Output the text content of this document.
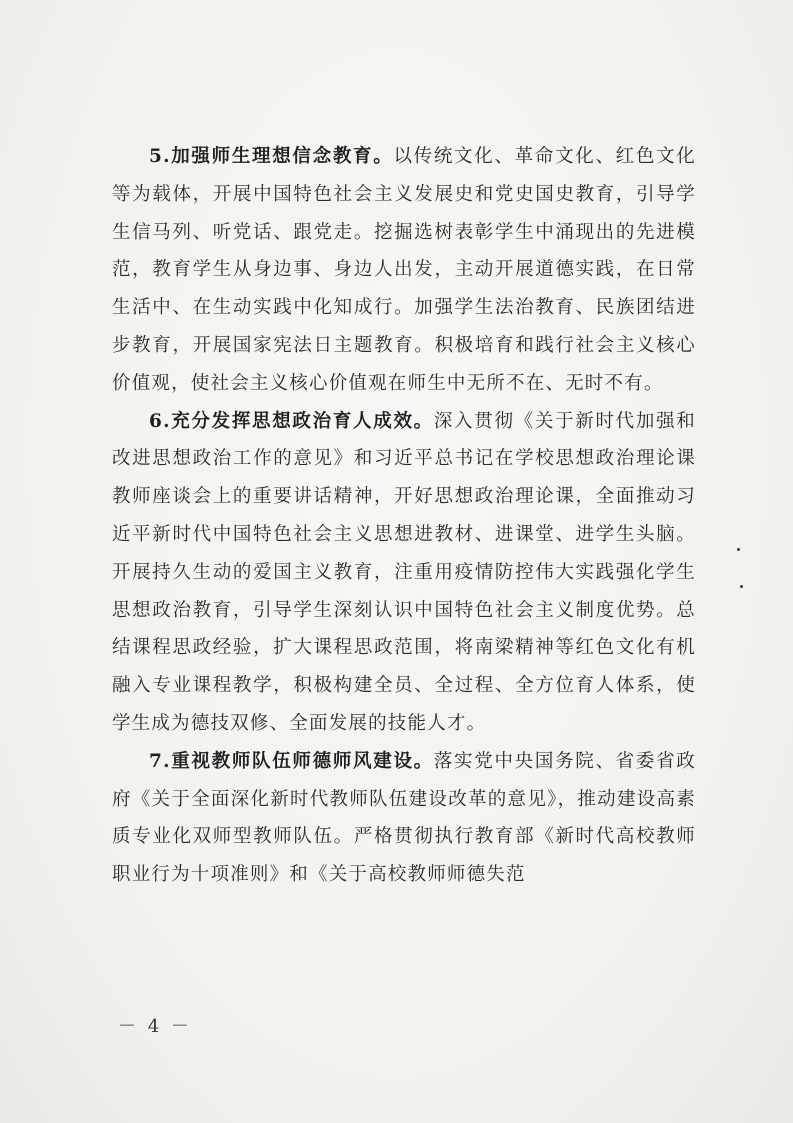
5.加强师生理想信念教育。以传统文化、革命文化、红色文化等为载体，开展中国特色社会主义发展史和党史国史教育，引导学生信马列、听党话、跟党走。挖掘选树表彰学生中涌现出的先进模范，教育学生从身边事、身边人出发，主动开展道德实践，在日常生活中、在生动实践中化知成行。加强学生法治教育、民族团结进步教育，开展国家宪法日主题教育。积极培育和践行社会主义核心价值观，使社会主义核心价值观在师生中无所不在、无时不有。

6.充分发挥思想政治育人成效。深入贯彻《关于新时代加强和改进思想政治工作的意见》和习近平总书记在学校思想政治理论课教师座谈会上的重要讲话精神，开好思想政治理论课，全面推动习近平新时代中国特色社会主义思想进教材、进课堂、进学生头脑。开展持久生动的爱国主义教育，注重用疫情防控伟大实践强化学生思想政治教育，引导学生深刻认识中国特色社会主义制度优势。总结课程思政经验，扩大课程思政范围，将南梁精神等红色文化有机融入专业课程教学，积极构建全员、全过程、全方位育人体系，使学生成为德技双修、全面发展的技能人才。

7.重视教师队伍师德师风建设。落实党中央国务院、省委省政府《关于全面深化新时代教师队伍建设改革的意见》，推动建设高素质专业化双师型教师队伍。严格贯彻执行教育部《新时代高校教师职业行为十项准则》和《关于高校教师师德失范

－ 4 －
